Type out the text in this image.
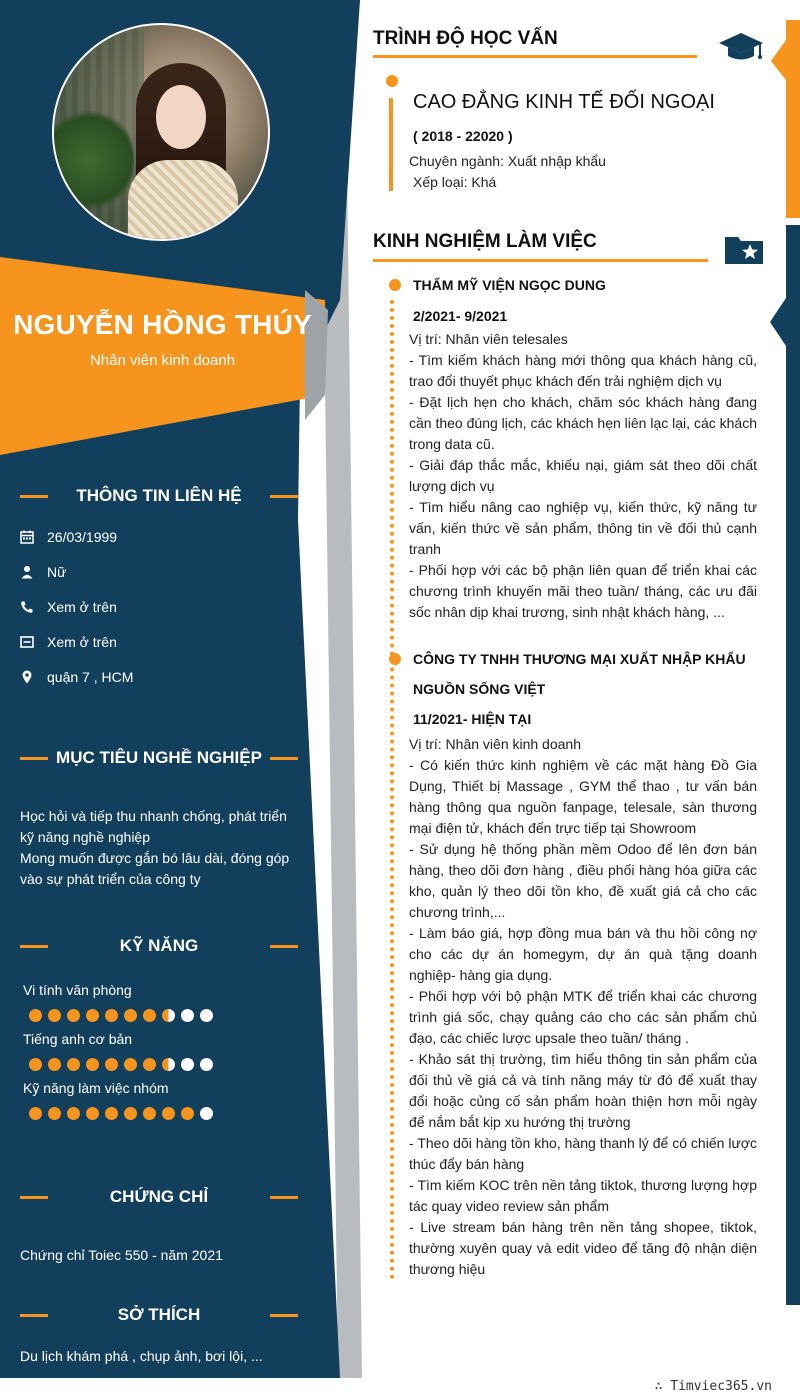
NGUYỄN HỒNG THÚY
Nhân viên kinh doanh
THÔNG TIN LIÊN HỆ
26/03/1999
Nữ
Xem ở trên
Xem ở trên
quận 7 , HCM
MỤC TIÊU NGHỀ NGHIỆP
Học hỏi và tiếp thu nhanh chống, phát triển
kỹ năng nghề nghiệp
Mong muốn được gắn bó lâu dài, đóng góp
vào sự phát triển của công ty
KỸ NĂNG
Vi tính văn phòng
Tiếng anh cơ bản
Kỹ năng làm việc nhóm
CHỨNG CHỈ
Chứng chỉ Toiec 550 - năm 2021
SỞ THÍCH
Du lịch khám phá , chụp ảnh, bơi lội, ...
TRÌNH ĐỘ HỌC VẤN
CAO ĐẲNG KINH TẾ ĐỐI NGOẠI
( 2018 - 22020 )
Chuyên ngành: Xuất nhập khẩu
Xếp loại: Khá
KINH NGHIỆM LÀM VIỆC
THẨM MỸ VIỆN NGỌC DUNG
2/2021- 9/2021
Vị trí: Nhân viên telesales
- Tìm kiếm khách hàng mới thông qua khách hàng cũ, trao đổi thuyết phục khách đến trải nghiệm dịch vụ
- Đặt lịch hẹn cho khách, chăm sóc khách hàng đang cần theo đúng lịch, các khách hẹn liên lạc lại, các khách trong data cũ.
- Giải đáp thắc mắc, khiếu nại, giám sát theo dõi chất lượng dịch vụ
- Tìm hiểu nâng cao nghiệp vụ, kiến thức, kỹ năng tư vấn, kiến thức về sản phẩm, thông tin về đối thủ cạnh tranh
- Phối hợp với các bộ phận liên quan để triển khai các chương trình khuyến mãi theo tuần/ tháng, các ưu đãi sốc nhân dịp khai trương, sinh nhật khách hàng, ...
CÔNG TY TNHH THƯƠNG MẠI XUẤT NHẬP KHẨU
NGUỒN SỐNG VIỆT
11/2021- HIỆN TẠI
Vị trí: Nhân viên kinh doanh
- Có kiến thức kinh nghiệm về các mặt hàng Đồ Gia Dụng, Thiết bị Massage , GYM thể thao , tư vấn bán hàng thông qua nguồn fanpage, telesale, sàn thương mại điện tử, khách đến trực tiếp tại Showroom
- Sử dụng hệ thống phần mềm Odoo để lên đơn bán hàng, theo dõi đơn hàng , điều phối hàng hóa giữa các kho, quản lý theo dõi tồn kho, đề xuất giá cả cho các chương trình,...
- Làm báo giá, hợp đồng mua bán và thu hồi công nợ cho các dự án homegym, dự án quà tặng doanh nghiệp- hàng gia dụng.
- Phối hợp với bộ phận MTK để triển khai các chương trình giá sốc, chạy quảng cáo cho các sản phẩm chủ đạo, các chiếc lược upsale theo tuần/ tháng .
- Khảo sát thị trường, tìm hiểu thông tin sản phẩm của đối thủ về giá cả và tính năng máy từ đó để xuất thay đổi hoặc củng cố sản phẩm hoàn thiện hơn mỗi ngày để nắm bắt kịp xu hướng thị trường
- Theo dõi hàng tồn kho, hàng thanh lý để có chiến lược thúc đẩy bán hàng
- Tìm kiếm KOC trên nền tảng tiktok, thương lượng hợp tác quay video review sản phẩm
- Live stream bán hàng trên nền tảng shopee, tiktok, thường xuyên quay và edit video để tăng độ nhận diện thương hiệu
∴ Timviec365.vn
